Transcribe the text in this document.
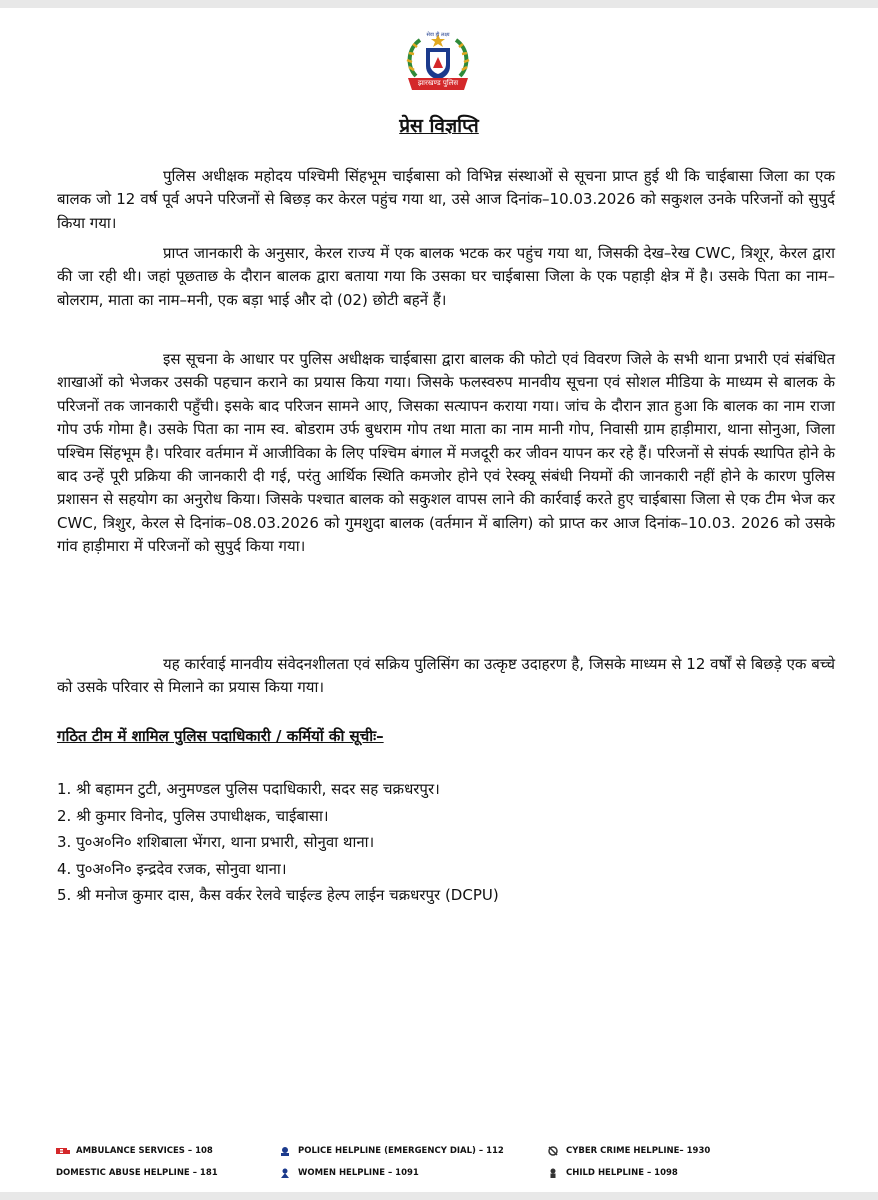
सेवा ही लक्ष्य
झारखण्ड पुलिस
प्रेस विज्ञप्ति

पुलिस अधीक्षक महोदय पश्चिमी सिंहभूम चाईबासा को विभिन्न संस्थाओं से सूचना प्राप्त हुई थी कि चाईबासा जिला का एक बालक जो 12 वर्ष पूर्व अपने परिजनों से बिछड़ कर केरल पहुंच गया था, उसे आज दिनांक–10.03.2026 को सकुशल उनके परिजनों को सुपुर्द किया गया।

प्राप्त जानकारी के अनुसार, केरल राज्य में एक बालक भटक कर पहुंच गया था, जिसकी देख–रेख CWC, त्रिशूर, केरल द्वारा की जा रही थी। जहां पूछताछ के दौरान बालक द्वारा बताया गया कि उसका घर चाईबासा जिला के एक पहाड़ी क्षेत्र में है। उसके पिता का नाम–बोलराम, माता का नाम–मनी, एक बड़ा भाई और दो (02) छोटी बहनें हैं।

इस सूचना के आधार पर पुलिस अधीक्षक चाईबासा द्वारा बालक की फोटो एवं विवरण जिले के सभी थाना प्रभारी एवं संबंधित शाखाओं को भेजकर उसकी पहचान कराने का प्रयास किया गया। जिसके फलस्वरुप मानवीय सूचना एवं सोशल मीडिया के माध्यम से बालक के परिजनों तक जानकारी पहुँची। इसके बाद परिजन सामने आए, जिसका सत्यापन कराया गया। जांच के दौरान ज्ञात हुआ कि बालक का नाम राजा गोप उर्फ गोमा है। उसके पिता का नाम स्व. बोडराम उर्फ बुधराम गोप तथा माता का नाम मानी गोप, निवासी ग्राम हाड़ीमारा, थाना सोनुआ, जिला पश्चिम सिंहभूम है। परिवार वर्तमान में आजीविका के लिए पश्चिम बंगाल में मजदूरी कर जीवन यापन कर रहे हैं। परिजनों से संपर्क स्थापित होने के बाद उन्हें पूरी प्रक्रिया की जानकारी दी गई, परंतु आर्थिक स्थिति कमजोर होने एवं रेस्क्यू संबंधी नियमों की जानकारी नहीं होने के कारण पुलिस प्रशासन से सहयोग का अनुरोध किया। जिसके पश्चात बालक को सकुशल वापस लाने की कार्रवाई करते हुए चाईबासा जिला से एक टीम भेज कर CWC, त्रिशुर, केरल से दिनांक–08.03.2026 को गुमशुदा बालक (वर्तमान में बालिग) को प्राप्त कर आज दिनांक–10.03. 2026 को उसके गांव हाड़ीमारा में परिजनों को सुपुर्द किया गया।

यह कार्रवाई मानवीय संवेदनशीलता एवं सक्रिय पुलिसिंग का उत्कृष्ट उदाहरण है, जिसके माध्यम से 12 वर्षों से बिछड़े एक बच्चे को उसके परिवार से मिलाने का प्रयास किया गया।

गठित टीम में शामिल पुलिस पदाधिकारी / कर्मियों की सूचीः–
1. श्री बहामन टुटी, अनुमण्डल पुलिस पदाधिकारी, सदर सह चक्रधरपुर।
2. श्री कुमार विनोद, पुलिस उपाधीक्षक, चाईबासा।
3. पु०अ०नि० शशिबाला भेंगरा, थाना प्रभारी, सोनुवा थाना।
4. पु०अ०नि० इन्द्रदेव रजक, सोनुवा थाना।
5. श्री मनोज कुमार दास, कैस वर्कर रेलवे चाईल्ड हेल्प लाईन चक्रधरपुर (DCPU)
AMBULANCE SERVICES – 108	POLICE HELPLINE (EMERGENCY DIAL) – 112	CYBER CRIME HELPLINE– 1930
DOMESTIC ABUSE HELPLINE – 181	WOMEN HELPLINE – 1091	CHILD HELPLINE – 1098
